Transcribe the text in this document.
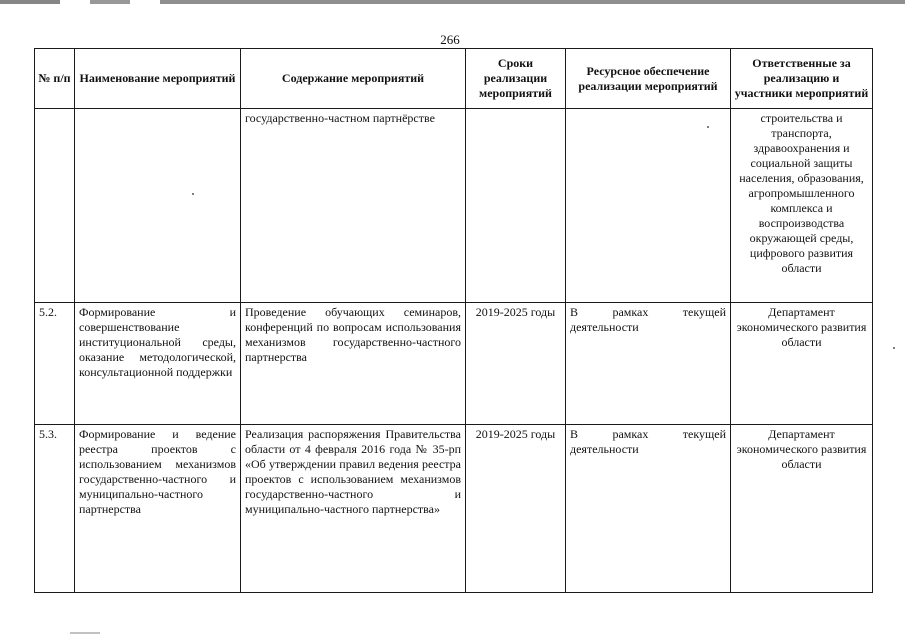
266
№ п/п	Наименование мероприятий	Содержание мероприятий	Сроки реализации мероприятий	Ресурсное обеспечение реализации мероприятий	Ответственные за реализацию и участники мероприятий
		государственно-частном партнёрстве			строительства и транспорта, здравоохранения и социальной защиты населения, образования, агропромышленного комплекса и воспроизводства окружающей среды, цифрового развития области
5.2.	Формирование и совершенствование институциональной среды, оказание методологической, консультационной поддержки	Проведение обучающих семинаров, конференций по вопросам использования механизмов государственно-частного партнерства	2019-2025 годы	В рамках текущей деятельности	Департамент экономического развития области
5.3.	Формирование и ведение реестра проектов с использованием механизмов государственно-частного и муниципально-частного партнерства	Реализация распоряжения Правительства области от 4 февраля 2016 года № 35-рп «Об утверждении правил ведения реестра проектов с использованием механизмов государственно-частного и муниципально-частного партнерства»	2019-2025 годы	В рамках текущей деятельности	Департамент экономического развития области
